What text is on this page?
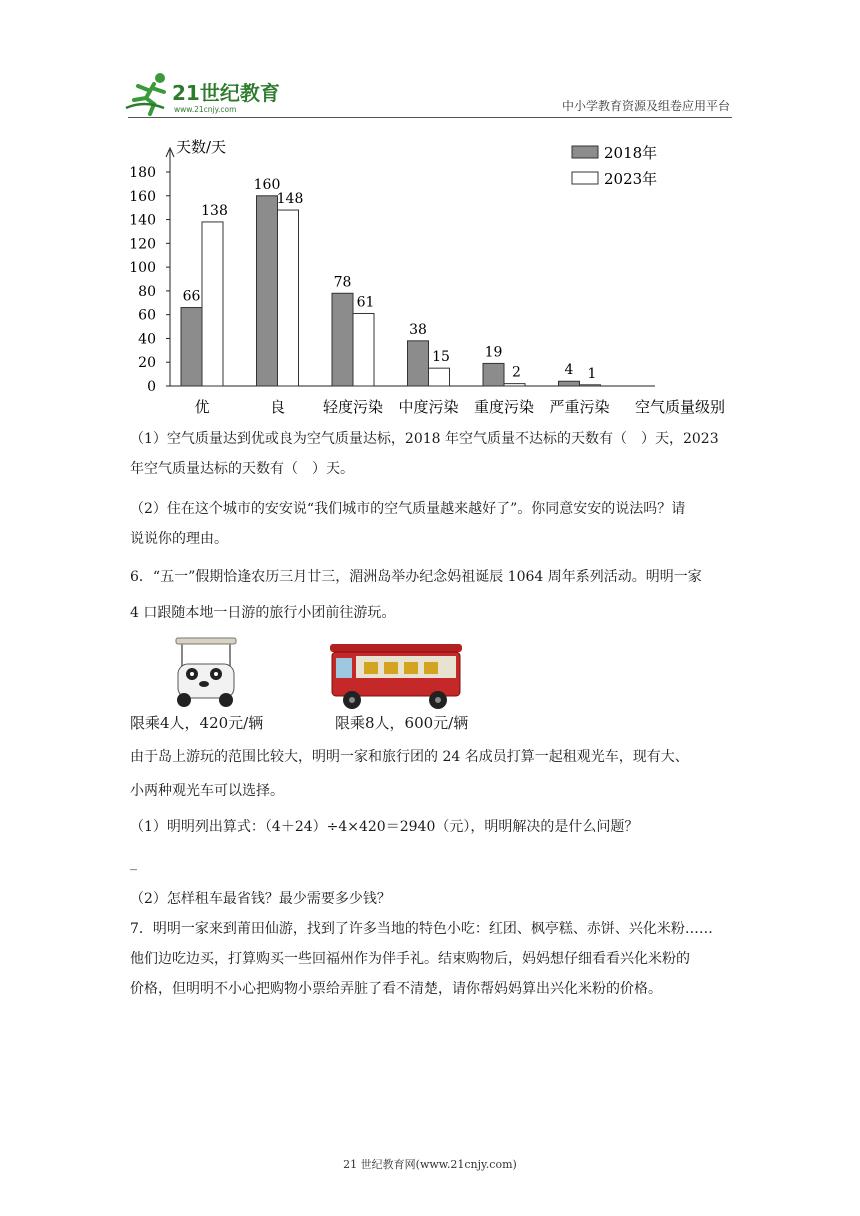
21世纪教育
www.21cnjy.com	中小学教育资源及组卷应用平台
0
20
40
60
80
100
120
140
160
180
天数/天
66
138
优
160
148
良
78
61
轻度污染
38
15
中度污染
19
2
重度污染
4 1
严重污染 空气质量级别
2018年
2023年

（1）空气质量达到优或良为空气质量达标，2018 年空气质量不达标的天数有（　）天，2023

年空气质量达标的天数有（　）天。

（2）住在这个城市的安安说“我们城市的空气质量越来越好了”。你同意安安的说法吗？请

说说你的理由。

6．“五一”假期恰逢农历三月廿三，湄洲岛举办纪念妈祖诞辰 1064 周年系列活动。明明一家

4 口跟随本地一日游的旅行小团前往游玩。

限乘4人，420元/辆	限乘8人，600元/辆

由于岛上游玩的范围比较大，明明一家和旅行团的 24 名成员打算一起租观光车，现有大、

小两种观光车可以选择。

（1）明明列出算式：（4＋24）÷4×420＝2940（元），明明解决的是什么问题？

_

（2）怎样租车最省钱？最少需要多少钱？

7．明明一家来到莆田仙游，找到了许多当地的特色小吃：红团、枫亭糕、赤饼、兴化米粉……

他们边吃边买，打算购买一些回福州作为伴手礼。结束购物后，妈妈想仔细看看兴化米粉的

价格，但明明不小心把购物小票给弄脏了看不清楚，请你帮妈妈算出兴化米粉的价格。

21 世纪教育网(www.21cnjy.com)
